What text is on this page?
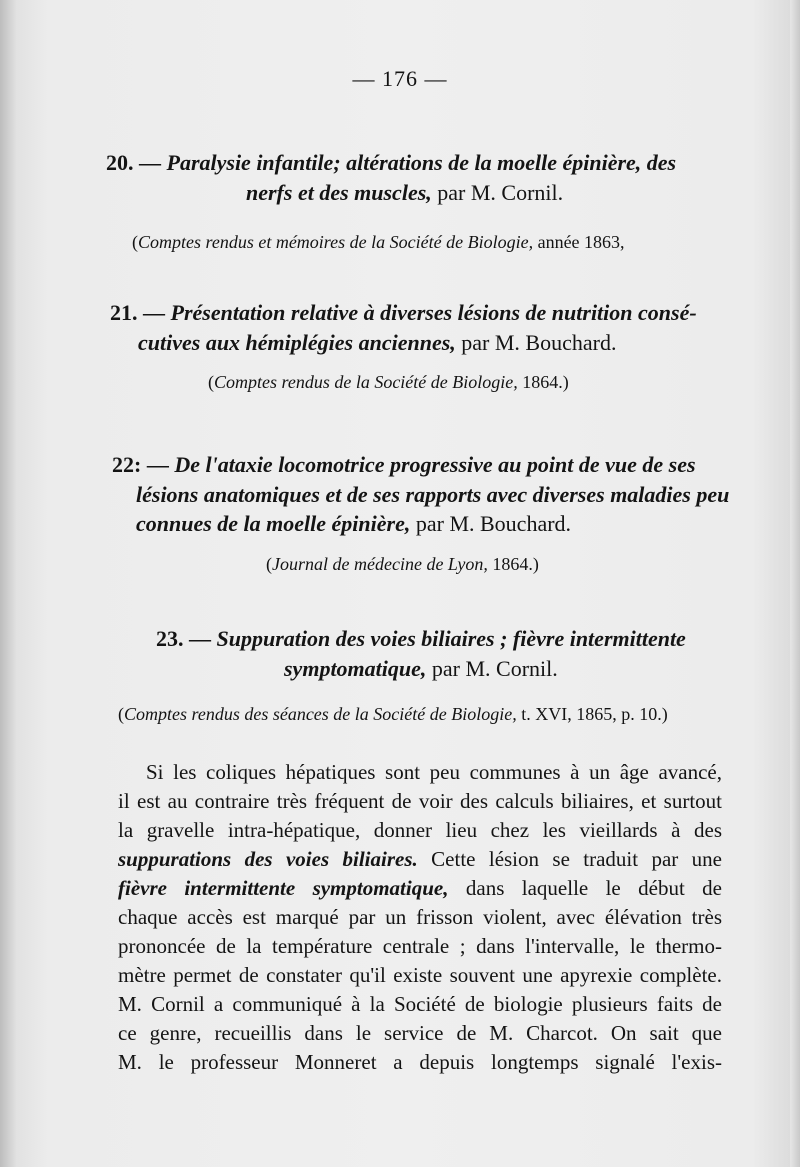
— 176 —
20. — Paralysie infantile; altérations de la moelle épinière, des
nerfs et des muscles, par M. Cornil.
(Comptes rendus et mémoires de la Société de Biologie, année 1863,
21. — Présentation relative à diverses lésions de nutrition consé-
cutives aux hémiplégies anciennes, par M. Bouchard.
(Comptes rendus de la Société de Biologie, 1864.)
22: — De l'ataxie locomotrice progressive au point de vue de ses
lésions anatomiques et de ses rapports avec diverses maladies peu
connues de la moelle épinière, par M. Bouchard.
(Journal de médecine de Lyon, 1864.)
23. — Suppuration des voies biliaires ; fièvre intermittente
symptomatique, par M. Cornil.
(Comptes rendus des séances de la Société de Biologie, t. XVI, 1865, p. 10.)
Si les coliques hépatiques sont peu communes à un âge avancé,
il est au contraire très fréquent de voir des calculs biliaires, et surtout
la gravelle intra-hépatique, donner lieu chez les vieillards à des
suppurations des voies biliaires. Cette lésion se traduit par une
fièvre intermittente symptomatique, dans laquelle le début de
chaque accès est marqué par un frisson violent, avec élévation très
prononcée de la température centrale ; dans l'intervalle, le thermo-
mètre permet de constater qu'il existe souvent une apyrexie complète.
M. Cornil a communiqué à la Société de biologie plusieurs faits de
ce genre, recueillis dans le service de M. Charcot. On sait que
M. le professeur Monneret a depuis longtemps signalé l'exis-
